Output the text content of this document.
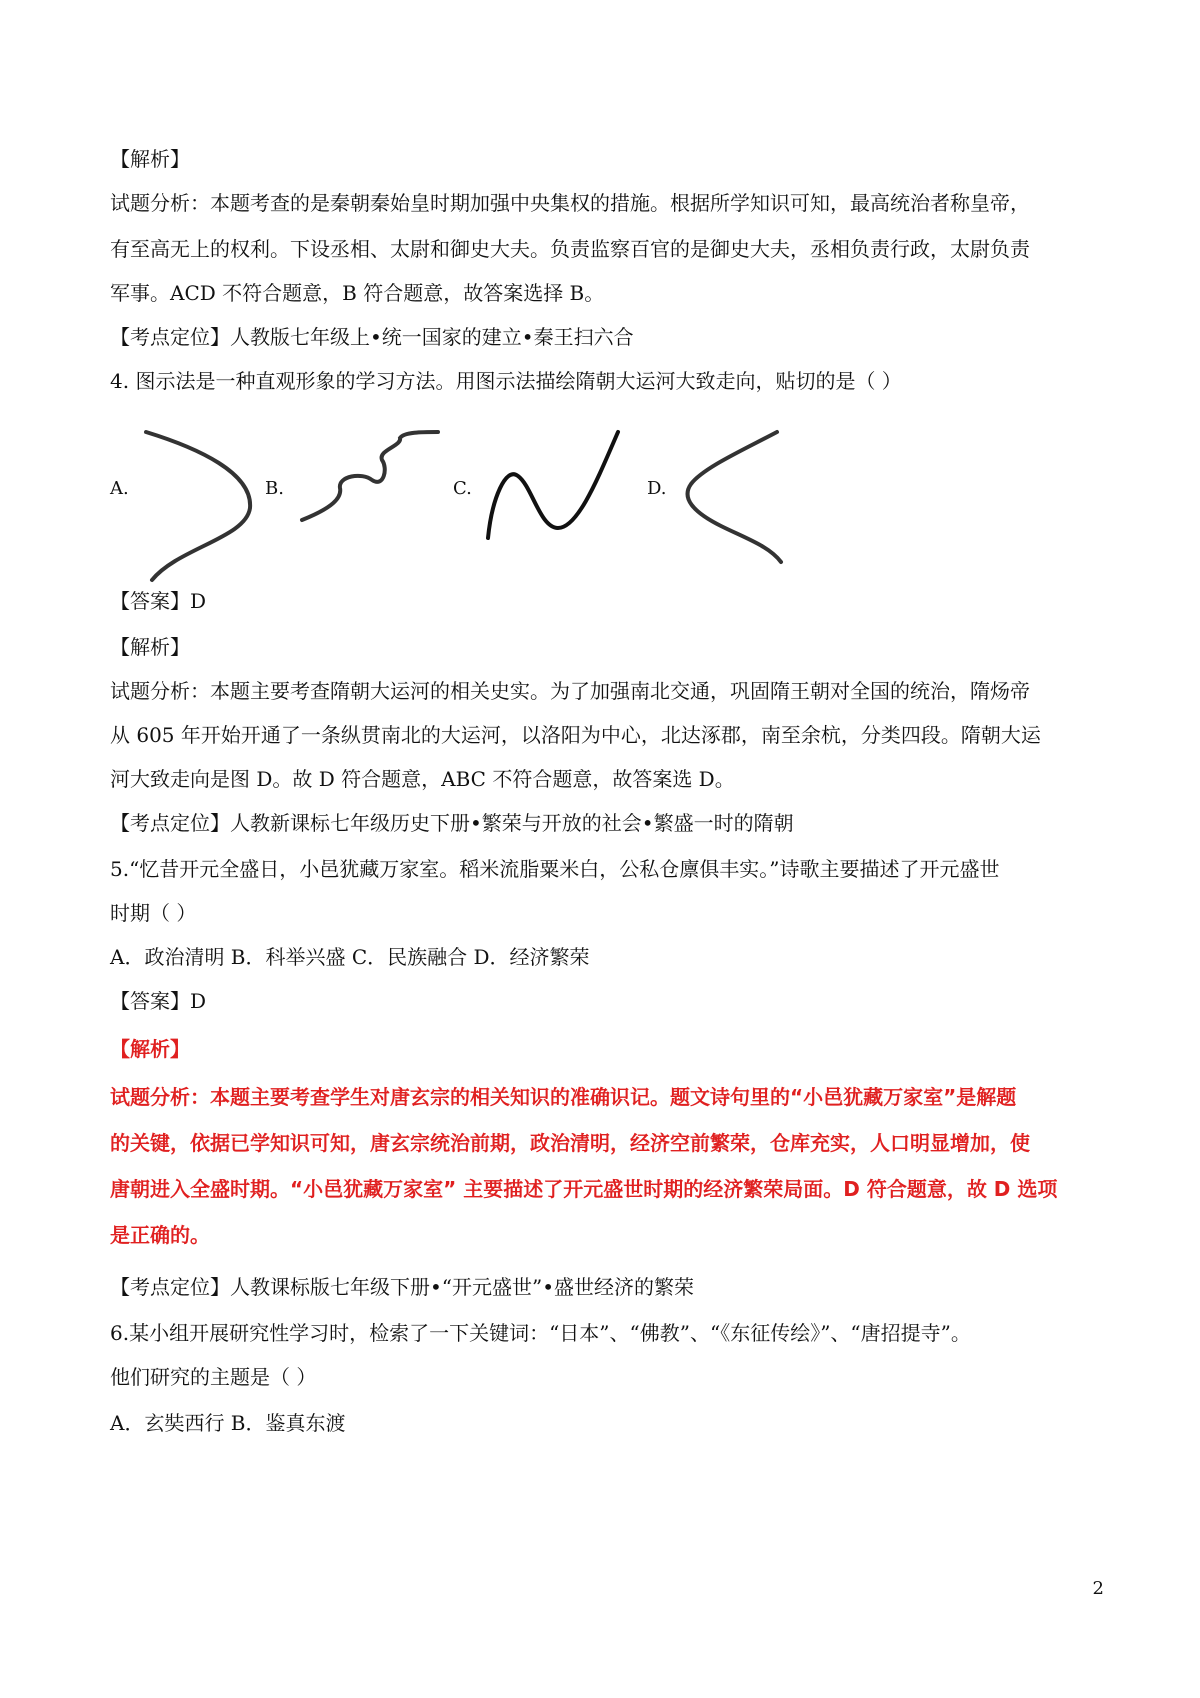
【解析】
试题分析：本题考查的是秦朝秦始皇时期加强中央集权的措施。根据所学知识可知，最高统治者称皇帝，
有至高无上的权利。下设丞相、太尉和御史大夫。负责监察百官的是御史大夫，丞相负责行政，太尉负责
军事。ACD 不符合题意，B 符合题意，故答案选择 B。
【考点定位】人教版七年级上•统一国家的建立•秦王扫六合
4. 图示法是一种直观形象的学习方法。用图示法描绘隋朝大运河大致走向，贴切的是（ ）
A.	B.	C.	D.
【答案】D
【解析】
试题分析：本题主要考查隋朝大运河的相关史实。为了加强南北交通，巩固隋王朝对全国的统治，隋炀帝
从 605 年开始开通了一条纵贯南北的大运河，以洛阳为中心，北达涿郡，南至余杭，分类四段。隋朝大运
河大致走向是图 D。故 D 符合题意，ABC 不符合题意，故答案选 D。
【考点定位】人教新课标七年级历史下册•繁荣与开放的社会•繁盛一时的隋朝
5.“忆昔开元全盛日，小邑犹藏万家室。稻米流脂粟米白，公私仓廪俱丰实。”诗歌主要描述了开元盛世
时期（ ）
A．政治清明 B．科举兴盛 C．民族融合 D．经济繁荣
【答案】D
【解析】
试题分析：本题主要考查学生对唐玄宗的相关知识的准确识记。题文诗句里的“小邑犹藏万家室”是解题
的关键，依据已学知识可知，唐玄宗统治前期，政治清明，经济空前繁荣，仓库充实，人口明显增加，使
唐朝进入全盛时期。“小邑犹藏万家室” 主要描述了开元盛世时期的经济繁荣局面。D 符合题意，故 D 选项
是正确的。
【考点定位】人教课标版七年级下册•“开元盛世”•盛世经济的繁荣
6.某小组开展研究性学习时，检索了一下关键词：“日本”、“佛教”、“《东征传绘》”、“唐招提寺”。
他们研究的主题是（ ）
A．玄奘西行 B．鉴真东渡
2
